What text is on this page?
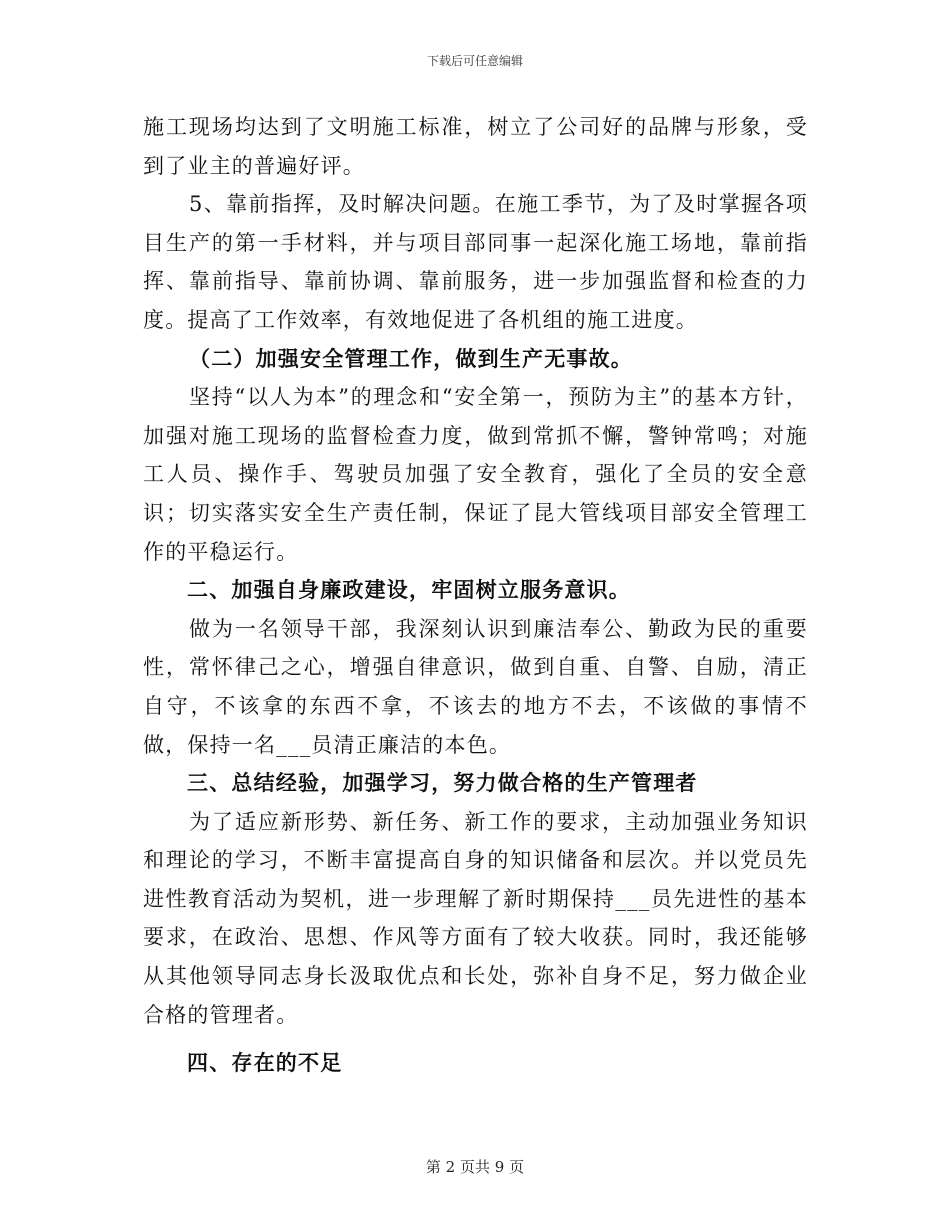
下载后可任意编辑

施工现场均达到了文明施工标准，树立了公司好的品牌与形象，受到了业主的普遍好评。

5、靠前指挥，及时解决问题。在施工季节，为了及时掌握各项目生产的第一手材料，并与项目部同事一起深化施工场地，靠前指挥、靠前指导、靠前协调、靠前服务，进一步加强监督和检查的力度。提高了工作效率，有效地促进了各机组的施工进度。

（二）加强安全管理工作，做到生产无事故。

坚持“以人为本”的理念和“安全第一，预防为主”的基本方针，加强对施工现场的监督检查力度，做到常抓不懈，警钟常鸣；对施工人员、操作手、驾驶员加强了安全教育，强化了全员的安全意识；切实落实安全生产责任制，保证了昆大管线项目部安全管理工作的平稳运行。

二、加强自身廉政建设，牢固树立服务意识。

做为一名领导干部，我深刻认识到廉洁奉公、勤政为民的重要性，常怀律己之心，增强自律意识，做到自重、自警、自励，清正自守，不该拿的东西不拿，不该去的地方不去，不该做的事情不做，保持一名___员清正廉洁的本色。

三、总结经验，加强学习，努力做合格的生产管理者

为了适应新形势、新任务、新工作的要求，主动加强业务知识和理论的学习，不断丰富提高自身的知识储备和层次。并以党员先进性教育活动为契机，进一步理解了新时期保持___员先进性的基本要求，在政治、思想、作风等方面有了较大收获。同时，我还能够从其他领导同志身长汲取优点和长处，弥补自身不足，努力做企业合格的管理者。

四、存在的不足

第 2 页共 9 页
